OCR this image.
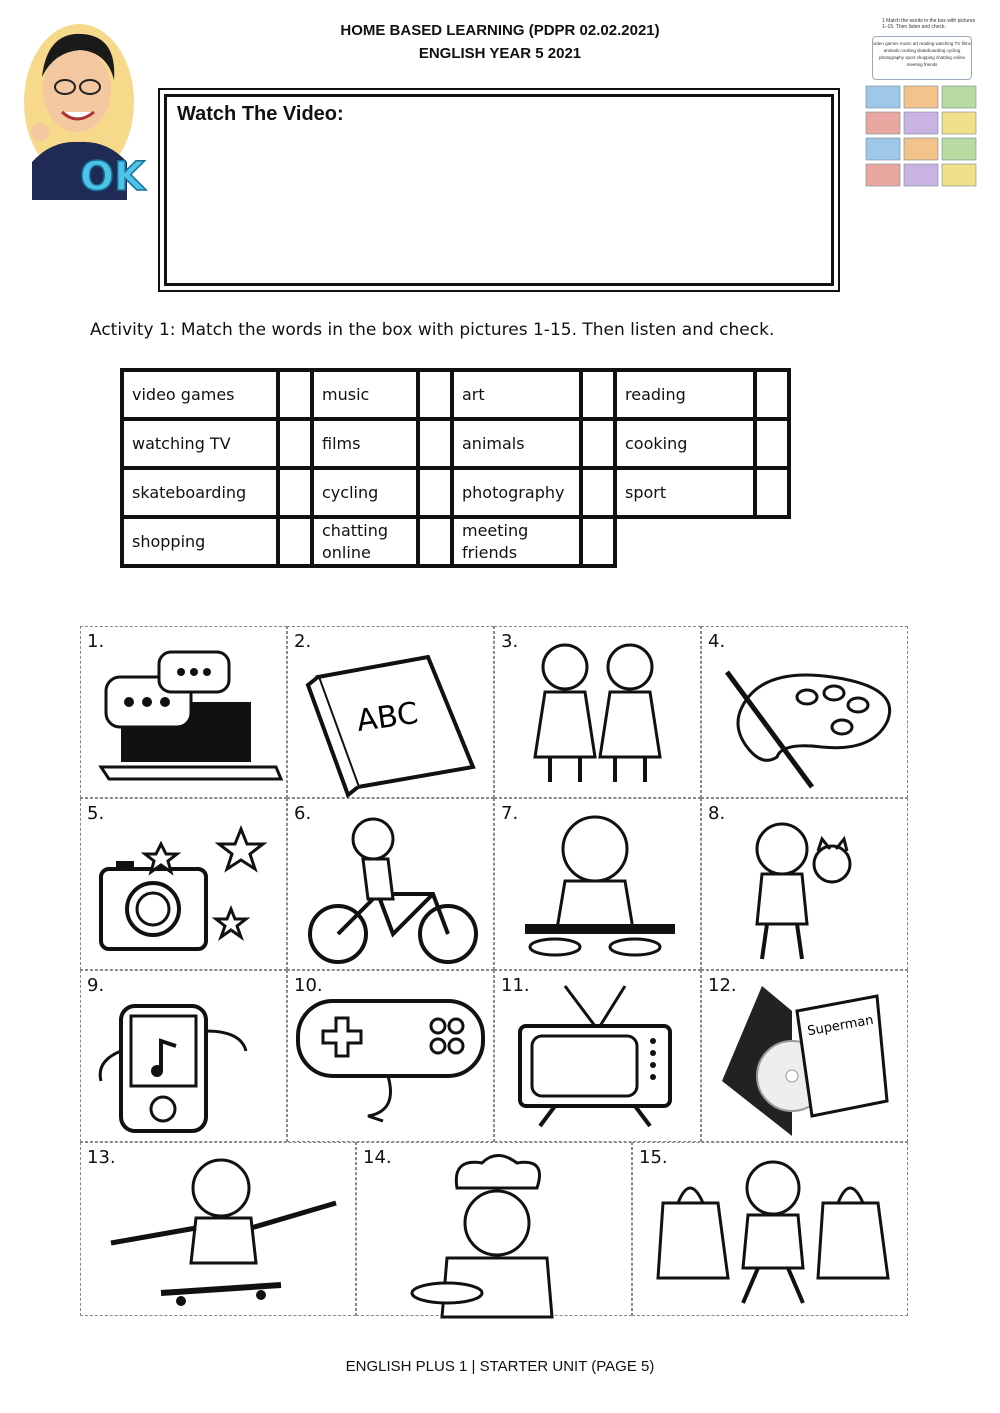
HOME BASED LEARNING (PDPR 02.02.2021)
ENGLISH YEAR 5 2021
OK
1 Match the words in the box with pictures 1–15. Then listen and check.
video games music art reading watching TV films animals cooking skateboarding cycling photography sport shopping chatting online meeting friends
Watch The Video:
Activity 1: Match the words in the box with pictures 1-15. Then listen and check.
video games		music		art		reading	
watching TV		films		animals		cooking	
skateboarding		cycling		photography		sport	
shopping		chatting online		meeting friends			
1.	2.
ABC
3.	4.
5.	6.	7.	8.
9.	10.	11.	12.
Superman
13.	14.	15.
ENGLISH PLUS 1 | STARTER UNIT (PAGE 5)
